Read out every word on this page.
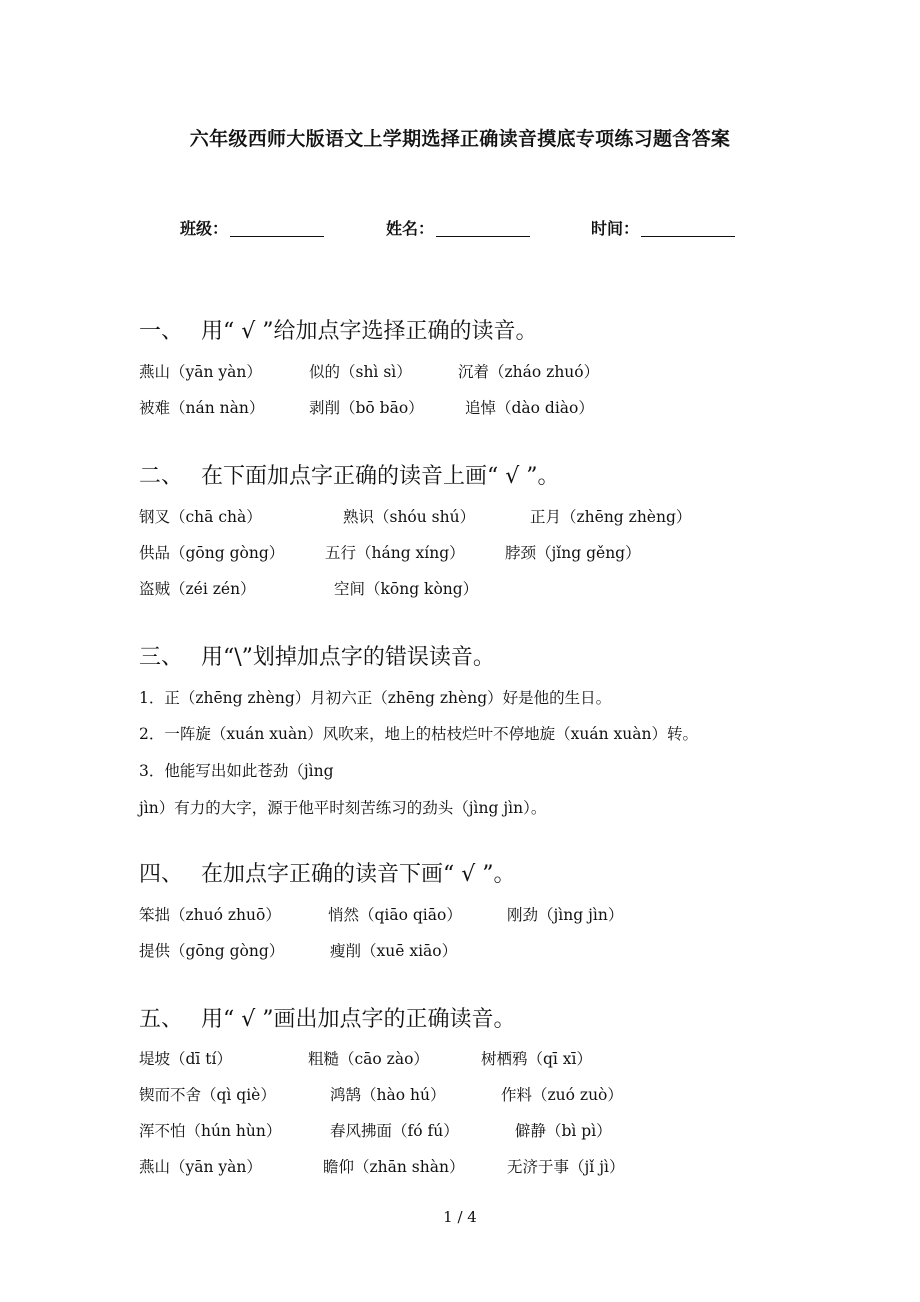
六年级西师大版语文上学期选择正确读音摸底专项练习题含答案
班级：	姓名：	时间：
一、 用“ √ ”给加点字选择正确的读音。
燕山（yān yàn）	似的（shì sì）	沉着（zháo zhuó）
被难（nán nàn）	剥削（bō bāo）	追悼（dào diào）
二、 在下面加点字正确的读音上画“ √ ”。
钢叉（chā chà）	熟识（shóu shú）	正月（zhēng zhèng）
供品（gōng gòng）	五行（háng xíng）	脖颈（jǐng gěng）
盗贼（zéi zén）	空间（kōng kòng）
三、 用“\”划掉加点字的错误读音。
1．正（zhēng zhèng）月初六正（zhēng zhèng）好是他的生日。
2．一阵旋（xuán xuàn）风吹来，地上的枯枝烂叶不停地旋（xuán xuàn）转。
3．他能写出如此苍劲（jìng
jìn）有力的大字，源于他平时刻苦练习的劲头（jìng jìn）。
四、 在加点字正确的读音下画“ √ ”。
笨拙（zhuó zhuō）	悄然（qiāo qiāo）	刚劲（jìng jìn）
提供（gōng gòng）	瘦削（xuē xiāo）
五、 用“ √ ”画出加点字的正确读音。
堤坡（dī tí）	粗糙（cāo zào）	树栖鸦（qī xī）
锲而不舍（qì qiè）	鸿鹄（hào hú）	作料（zuó zuò）
浑不怕（hún hùn）	春风拂面（fó fú）	僻静（bì pì）
燕山（yān yàn）	瞻仰（zhān shàn）	无济于事（jǐ jì）
1 / 4
